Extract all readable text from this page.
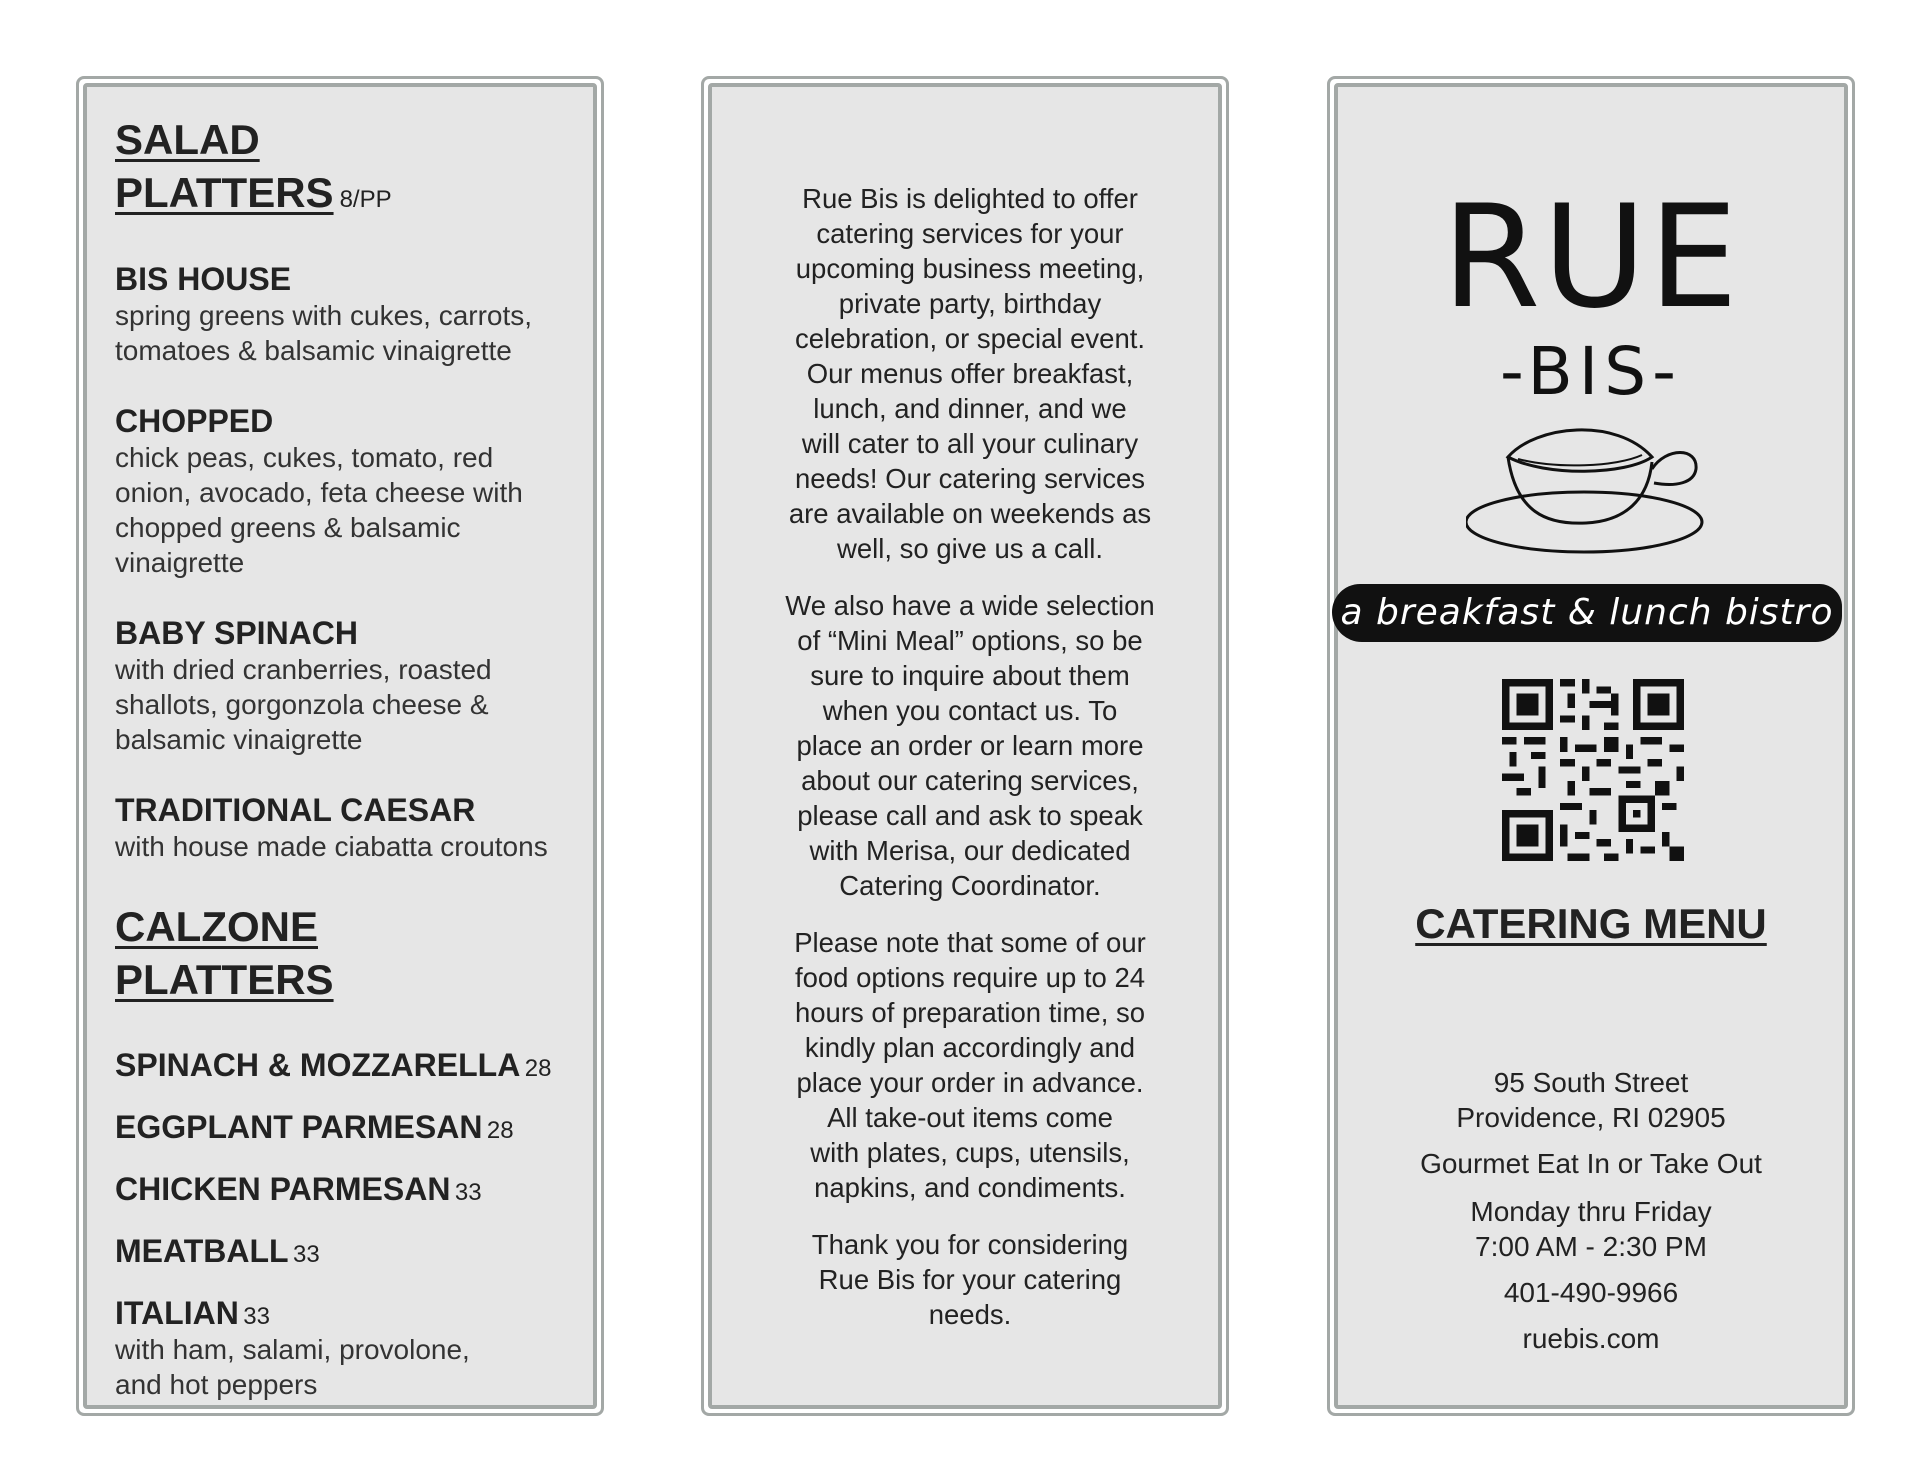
SALAD
PLATTERS 8/PP
BIS HOUSE
spring greens with cukes, carrots,
tomatoes & balsamic vinaigrette
CHOPPED
chick peas, cukes, tomato, red
onion, avocado, feta cheese with
chopped greens & balsamic
vinaigrette
BABY SPINACH
with dried cranberries, roasted
shallots, gorgonzola cheese &
balsamic vinaigrette
TRADITIONAL CAESAR
with house made ciabatta croutons
CALZONE
PLATTERS
SPINACH & MOZZARELLA 28
EGGPLANT PARMESAN 28
CHICKEN PARMESAN 33
MEATBALL 33
ITALIAN 33
with ham, salami, provolone,
and hot peppers
Rue Bis is delighted to offer
catering services for your
upcoming business meeting,
private party, birthday
celebration, or special event.
Our menus offer breakfast,
lunch, and dinner, and we
will cater to all your culinary
needs! Our catering services
are available on weekends as
well, so give us a call.
We also have a wide selection
of “Mini Meal” options, so be
sure to inquire about them
when you contact us. To
place an order or learn more
about our catering services,
please call and ask to speak
with Merisa, our dedicated
Catering Coordinator.
Please note that some of our
food options require up to 24
hours of preparation time, so
kindly plan accordingly and
place your order in advance.
All take-out items come
with plates, cups, utensils,
napkins, and condiments.
Thank you for considering
Rue Bis for your catering
needs.
RUE
-BIS-
a breakfast & lunch bistro
CATERING MENU
95 South Street
Providence, RI 02905
Gourmet Eat In or Take Out
Monday thru Friday
7:00 AM - 2:30 PM
401-490-9966
ruebis.com
